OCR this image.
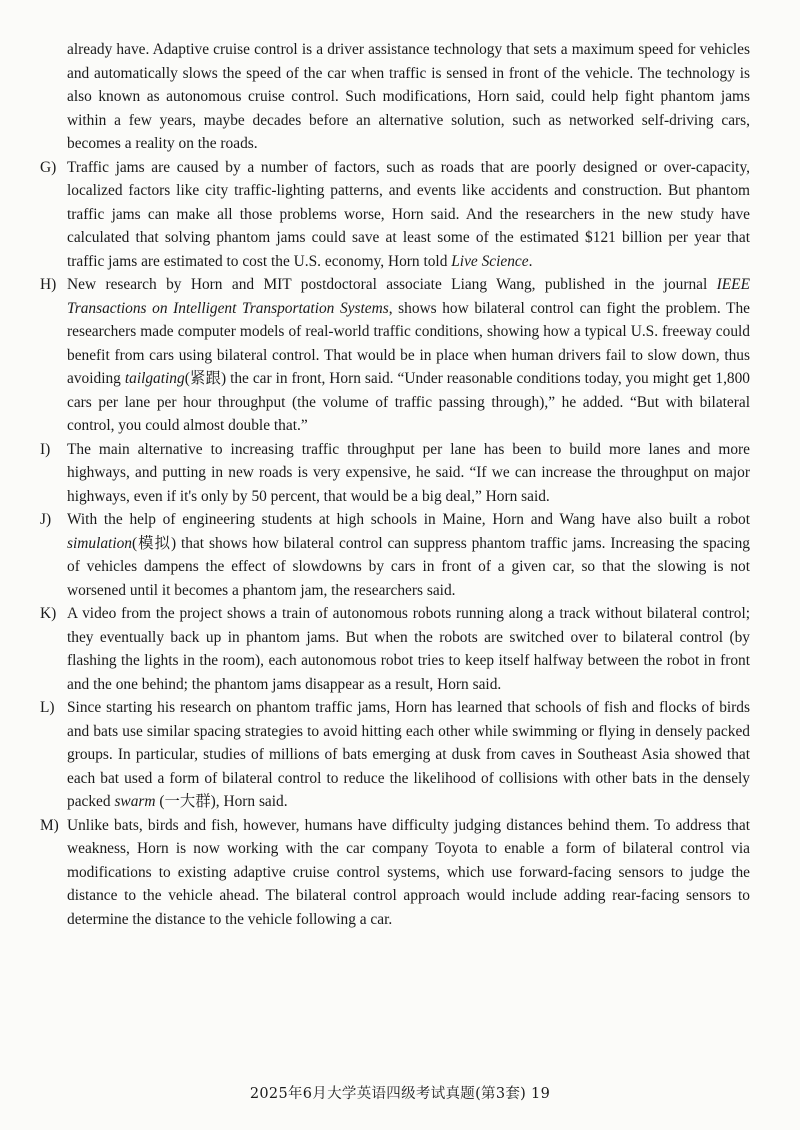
already have. Adaptive cruise control is a driver assistance technology that sets a maximum speed for vehicles and automatically slows the speed of the car when traffic is sensed in front of the vehicle. The technology is also known as autonomous cruise control. Such modifications, Horn said, could help fight phantom jams within a few years, maybe decades before an alternative solution, such as networked self-driving cars, becomes a reality on the roads.
G) Traffic jams are caused by a number of factors, such as roads that are poorly designed or over-capacity, localized factors like city traffic-lighting patterns, and events like accidents and construction. But phantom traffic jams can make all those problems worse, Horn said. And the researchers in the new study have calculated that solving phantom jams could save at least some of the estimated $121 billion per year that traffic jams are estimated to cost the U.S. economy, Horn told Live Science.
H) New research by Horn and MIT postdoctoral associate Liang Wang, published in the journal IEEE Transactions on Intelligent Transportation Systems, shows how bilateral control can fight the problem. The researchers made computer models of real-world traffic conditions, showing how a typical U.S. freeway could benefit from cars using bilateral control. That would be in place when human drivers fail to slow down, thus avoiding tailgating(紧跟) the car in front, Horn said. “Under reasonable conditions today, you might get 1,800 cars per lane per hour throughput (the volume of traffic passing through),” he added. “But with bilateral control, you could almost double that.”
I) The main alternative to increasing traffic throughput per lane has been to build more lanes and more highways, and putting in new roads is very expensive, he said. “If we can increase the throughput on major highways, even if it's only by 50 percent, that would be a big deal,” Horn said.
J) With the help of engineering students at high schools in Maine, Horn and Wang have also built a robot simulation(模拟) that shows how bilateral control can suppress phantom traffic jams. Increasing the spacing of vehicles dampens the effect of slowdowns by cars in front of a given car, so that the slowing is not worsened until it becomes a phantom jam, the researchers said.
K) A video from the project shows a train of autonomous robots running along a track without bilateral control; they eventually back up in phantom jams. But when the robots are switched over to bilateral control (by flashing the lights in the room), each autonomous robot tries to keep itself halfway between the robot in front and the one behind; the phantom jams disappear as a result, Horn said.
L) Since starting his research on phantom traffic jams, Horn has learned that schools of fish and flocks of birds and bats use similar spacing strategies to avoid hitting each other while swimming or flying in densely packed groups. In particular, studies of millions of bats emerging at dusk from caves in Southeast Asia showed that each bat used a form of bilateral control to reduce the likelihood of collisions with other bats in the densely packed swarm (一大群), Horn said.
M) Unlike bats, birds and fish, however, humans have difficulty judging distances behind them. To address that weakness, Horn is now working with the car company Toyota to enable a form of bilateral control via modifications to existing adaptive cruise control systems, which use forward-facing sensors to judge the distance to the vehicle ahead. The bilateral control approach would include adding rear-facing sensors to determine the distance to the vehicle following a car.
2025年6月大学英语四级考试真题(第3套) 19
